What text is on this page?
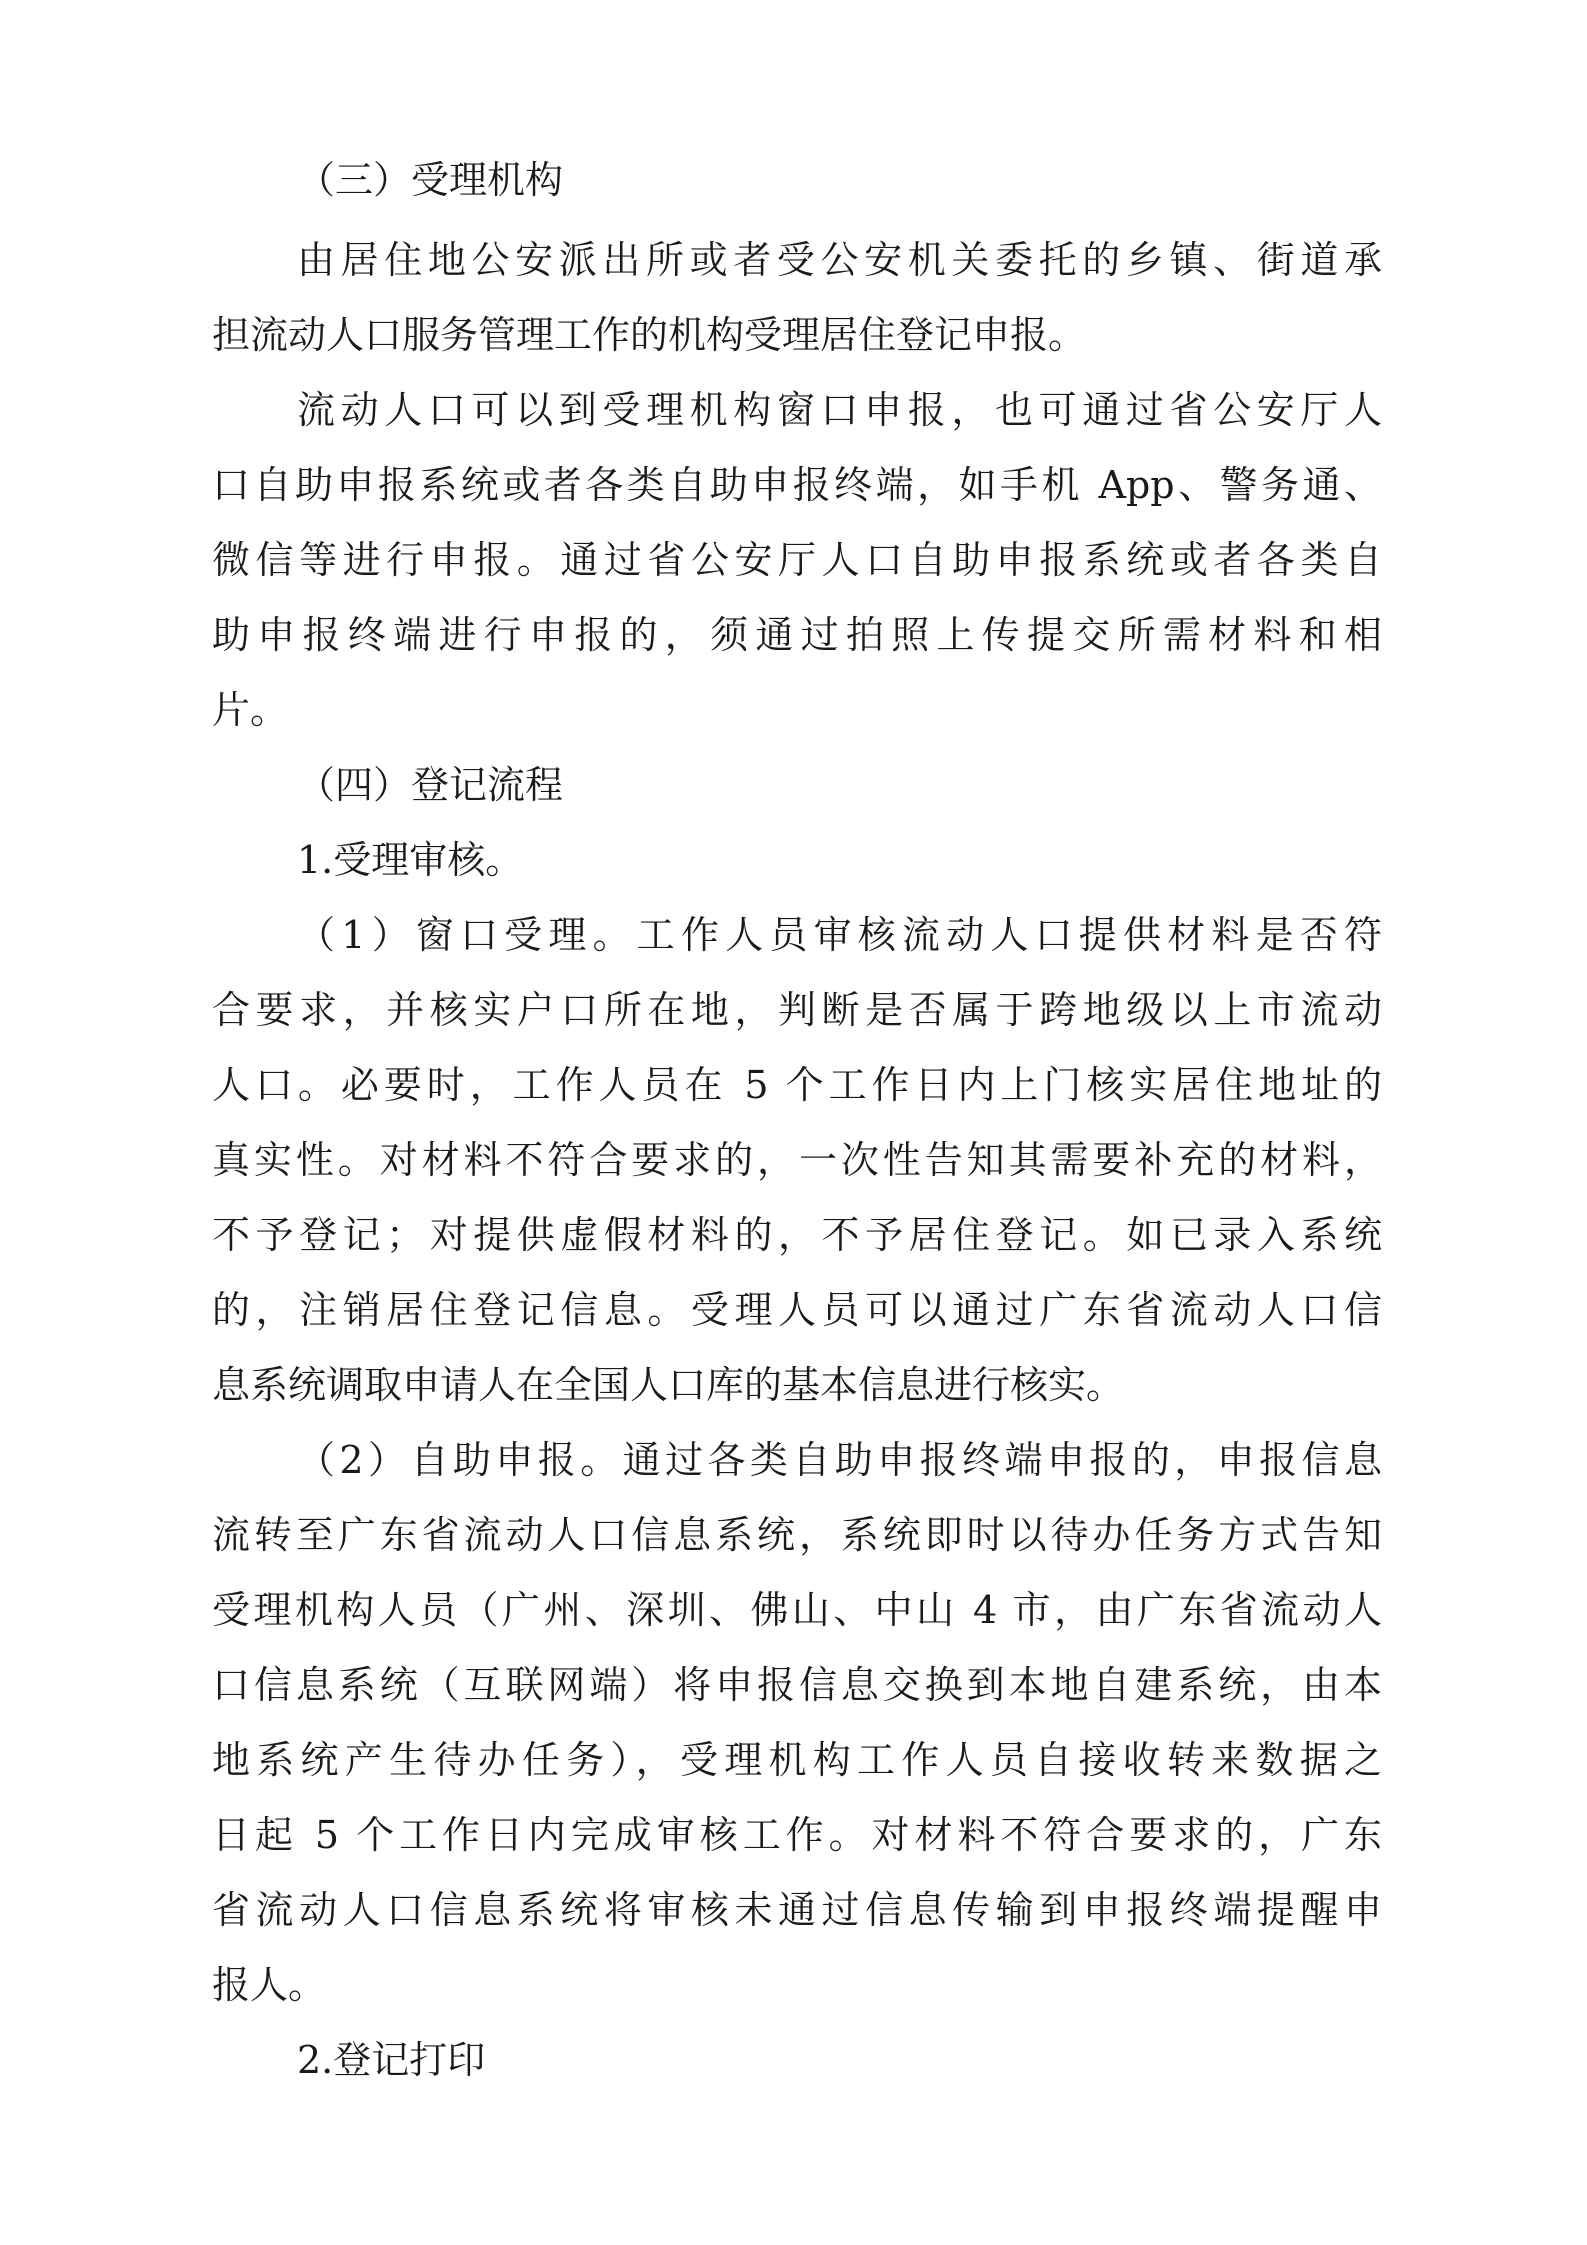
（三）受理机构
由居住地公安派出所或者受公安机关委托的乡镇、街道承
担流动人口服务管理工作的机构受理居住登记申报。
流动人口可以到受理机构窗口申报，也可通过省公安厅人
口自助申报系统或者各类自助申报终端，如手机 App、警务通、
微信等进行申报。通过省公安厅人口自助申报系统或者各类自
助申报终端进行申报的，须通过拍照上传提交所需材料和相
片。
（四）登记流程
1.受理审核。
（1）窗口受理。工作人员审核流动人口提供材料是否符
合要求，并核实户口所在地，判断是否属于跨地级以上市流动
人口。必要时，工作人员在 5 个工作日内上门核实居住地址的
真实性。对材料不符合要求的，一次性告知其需要补充的材料，
不予登记；对提供虚假材料的，不予居住登记。如已录入系统
的，注销居住登记信息。受理人员可以通过广东省流动人口信
息系统调取申请人在全国人口库的基本信息进行核实。
（2）自助申报。通过各类自助申报终端申报的，申报信息
流转至广东省流动人口信息系统，系统即时以待办任务方式告知
受理机构人员（广州、深圳、佛山、中山 4 市，由广东省流动人
口信息系统（互联网端）将申报信息交换到本地自建系统，由本
地系统产生待办任务），受理机构工作人员自接收转来数据之
日起 5 个工作日内完成审核工作。对材料不符合要求的，广东
省流动人口信息系统将审核未通过信息传输到申报终端提醒申
报人。
2.登记打印
